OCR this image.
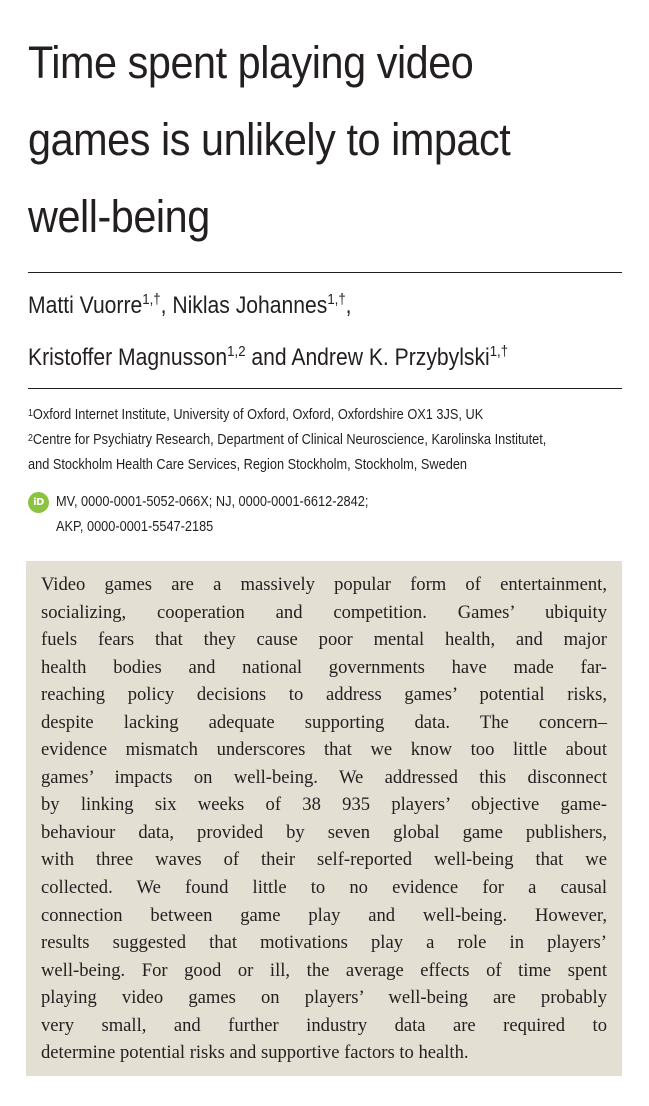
Time spent playing video
games is unlikely to impact
well-being
Matti Vuorre$^{1,\dagger}$, Niklas Johannes$^{1,\dagger}$,
Kristoffer Magnusson$^{1,2}$ and Andrew K. Przybylski$^{1,\dagger}$
$^1$Oxford Internet Institute, University of Oxford, Oxford, Oxfordshire OX1 3JS, UK
$^2$Centre for Psychiatry Research, Department of Clinical Neuroscience, Karolinska Institutet,
and Stockholm Health Care Services, Region Stockholm, Stockholm, Sweden
iD MV, 0000-0001-5052-066X; NJ, 0000-0001-6612-2842;
AKP, 0000-0001-5547-2185
Video games are a massively popular form of entertainment,
socializing, cooperation and competition. Games’ ubiquity
fuels fears that they cause poor mental health, and major
health bodies and national governments have made far-
reaching policy decisions to address games’ potential risks,
despite lacking adequate supporting data. The concern–
evidence mismatch underscores that we know too little about
games’ impacts on well-being. We addressed this disconnect
by linking six weeks of 38 935 players’ objective game-
behaviour data, provided by seven global game publishers,
with three waves of their self-reported well-being that we
collected. We found little to no evidence for a causal
connection between game play and well-being. However,
results suggested that motivations play a role in players’
well-being. For good or ill, the average effects of time spent
playing video games on players’ well-being are probably
very small, and further industry data are required to
determine potential risks and supportive factors to health.
